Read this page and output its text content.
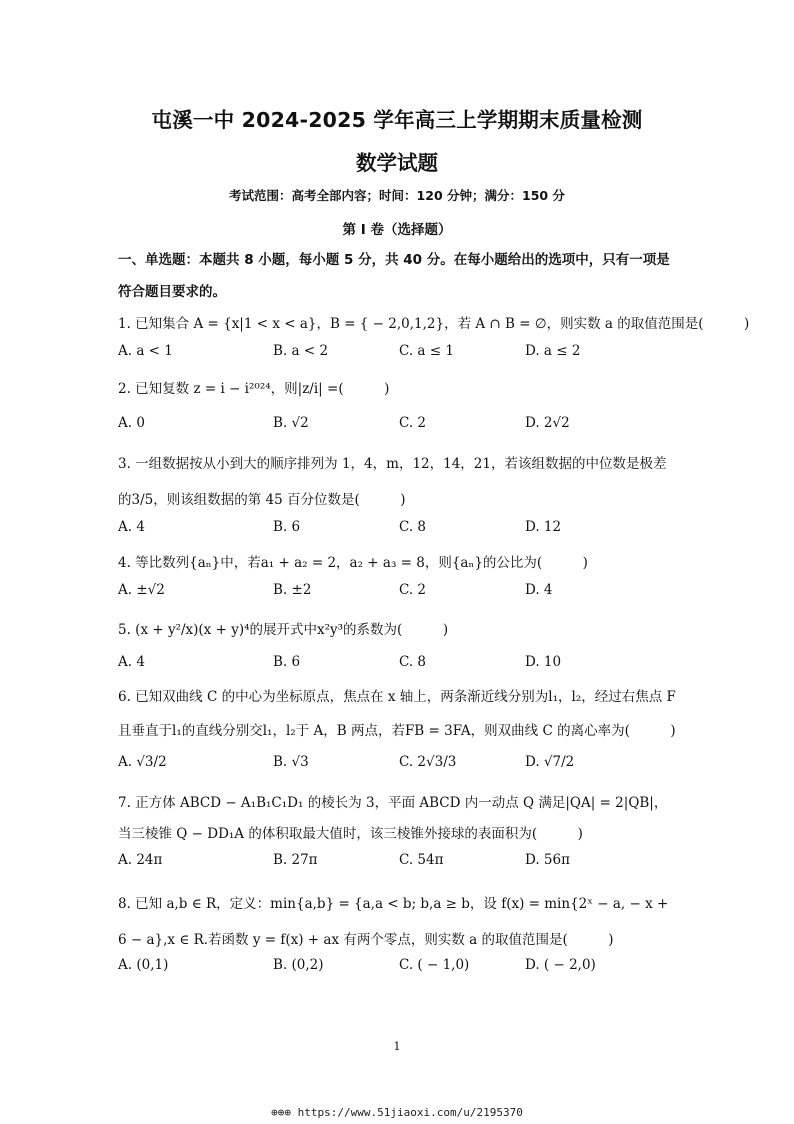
屯溪一中 2024-2025 学年高三上学期期末质量检测
数学试题
考试范围：高考全部内容；时间：120 分钟；满分：150 分
第 I 卷（选择题）
一、单选题：本题共 8 小题，每小题 5 分，共 40 分。在每小题给出的选项中，只有一项是符合题目要求的。
1. 已知集合 A = {x|1 < x < a}，B = { − 2,0,1,2}，若 A ∩ B = ∅，则实数 a 的取值范围是(　　　)
A. a < 1	B. a < 2	C. a ≤ 1	D. a ≤ 2
2. 已知复数 z = i − i²⁰²⁴，则|z/i| =(　　　)
A. 0	B. √2	C. 2	D. 2√2
3. 一组数据按从小到大的顺序排列为 1，4，m，12，14，21，若该组数据的中位数是极差的3/5，则该组数据的第 45 百分位数是(　　　)
A. 4	B. 6	C. 8	D. 12
4. 等比数列{aₙ}中，若a₁ + a₂ = 2，a₂ + a₃ = 8，则{aₙ}的公比为(　　　)
A. ±√2	B. ±2	C. 2	D. 4
5. (x + y²/x)(x + y)⁴的展开式中x²y³的系数为(　　　)
A. 4	B. 6	C. 8	D. 10
6. 已知双曲线 C 的中心为坐标原点，焦点在 x 轴上，两条渐近线分别为l₁，l₂，经过右焦点 F 且垂直于l₁的直线分别交l₁，l₂于 A，B 两点，若FB = 3FA，则双曲线 C 的离心率为(　　　)
A. √3/2	B. √3	C. 2√3/3	D. √7/2
7. 正方体 ABCD − A₁B₁C₁D₁ 的棱长为 3，平面 ABCD 内一动点 Q 满足|QA| = 2|QB|，当三棱锥 Q − DD₁A 的体积取最大值时，该三棱锥外接球的表面积为(　　　)
A. 24π	B. 27π	C. 54π	D. 56π
8. 已知 a,b ∈ R，定义：min{a,b} = {a,a < b; b,a ≥ b，设 f(x) = min{2ˣ − a, − x + 6 − a},x ∈ R.若函数 y = f(x) + ax 有两个零点，则实数 a 的取值范围是(　　　)
A. (0,1)	B. (0,2)	C. ( − 1,0)	D. ( − 2,0)
1
⊕⊕⊕ https://www.51jiaoxi.com/u/2195370
